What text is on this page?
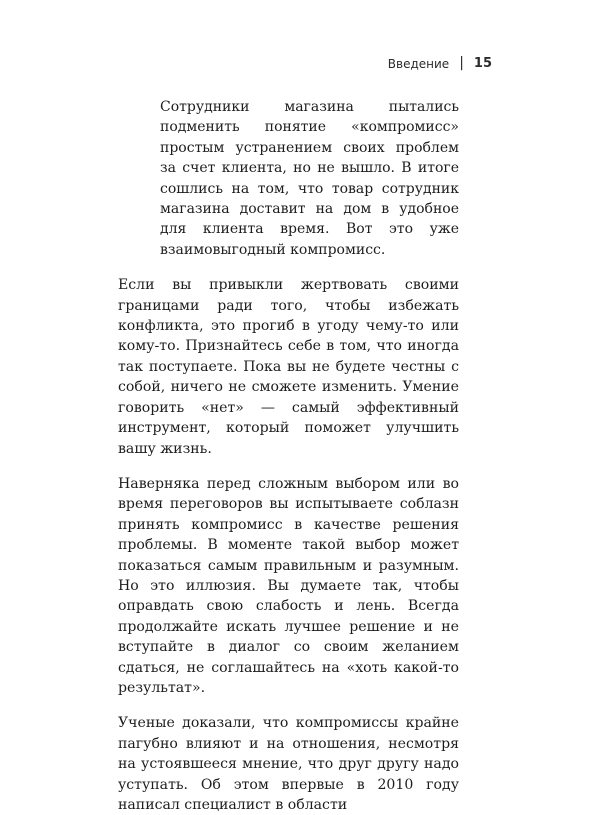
Введение | 15

Сотрудники магазина пытались подменить понятие «компромисс» простым устранением своих проблем за счет клиента, но не вышло. В итоге сошлись на том, что товар сотрудник магазина доставит на дом в удобное для клиента время. Вот это уже взаимовыгодный компромисс.

Если вы привыкли жертвовать своими границами ради того, чтобы избежать конфликта, это прогиб в угоду чему-то или кому-то. Признайтесь себе в том, что иногда так поступаете. Пока вы не будете честны с собой, ничего не сможете изменить. Умение говорить «нет» — самый эффективный инструмент, который поможет улучшить вашу жизнь.

Наверняка перед сложным выбором или во время переговоров вы испытываете соблазн принять компромисс в качестве решения проблемы. В моменте такой выбор может показаться самым правильным и разумным. Но это иллюзия. Вы думаете так, чтобы оправдать свою слабость и лень. Всегда продолжайте искать лучшее решение и не вступайте в диалог со своим желанием сдаться, не соглашайтесь на «хоть какой-то результат».

Ученые доказали, что компромиссы крайне пагубно влияют и на отношения, несмотря на устоявшееся мнение, что друг другу надо уступать. Об этом впервые в 2010 году написал специалист в области
